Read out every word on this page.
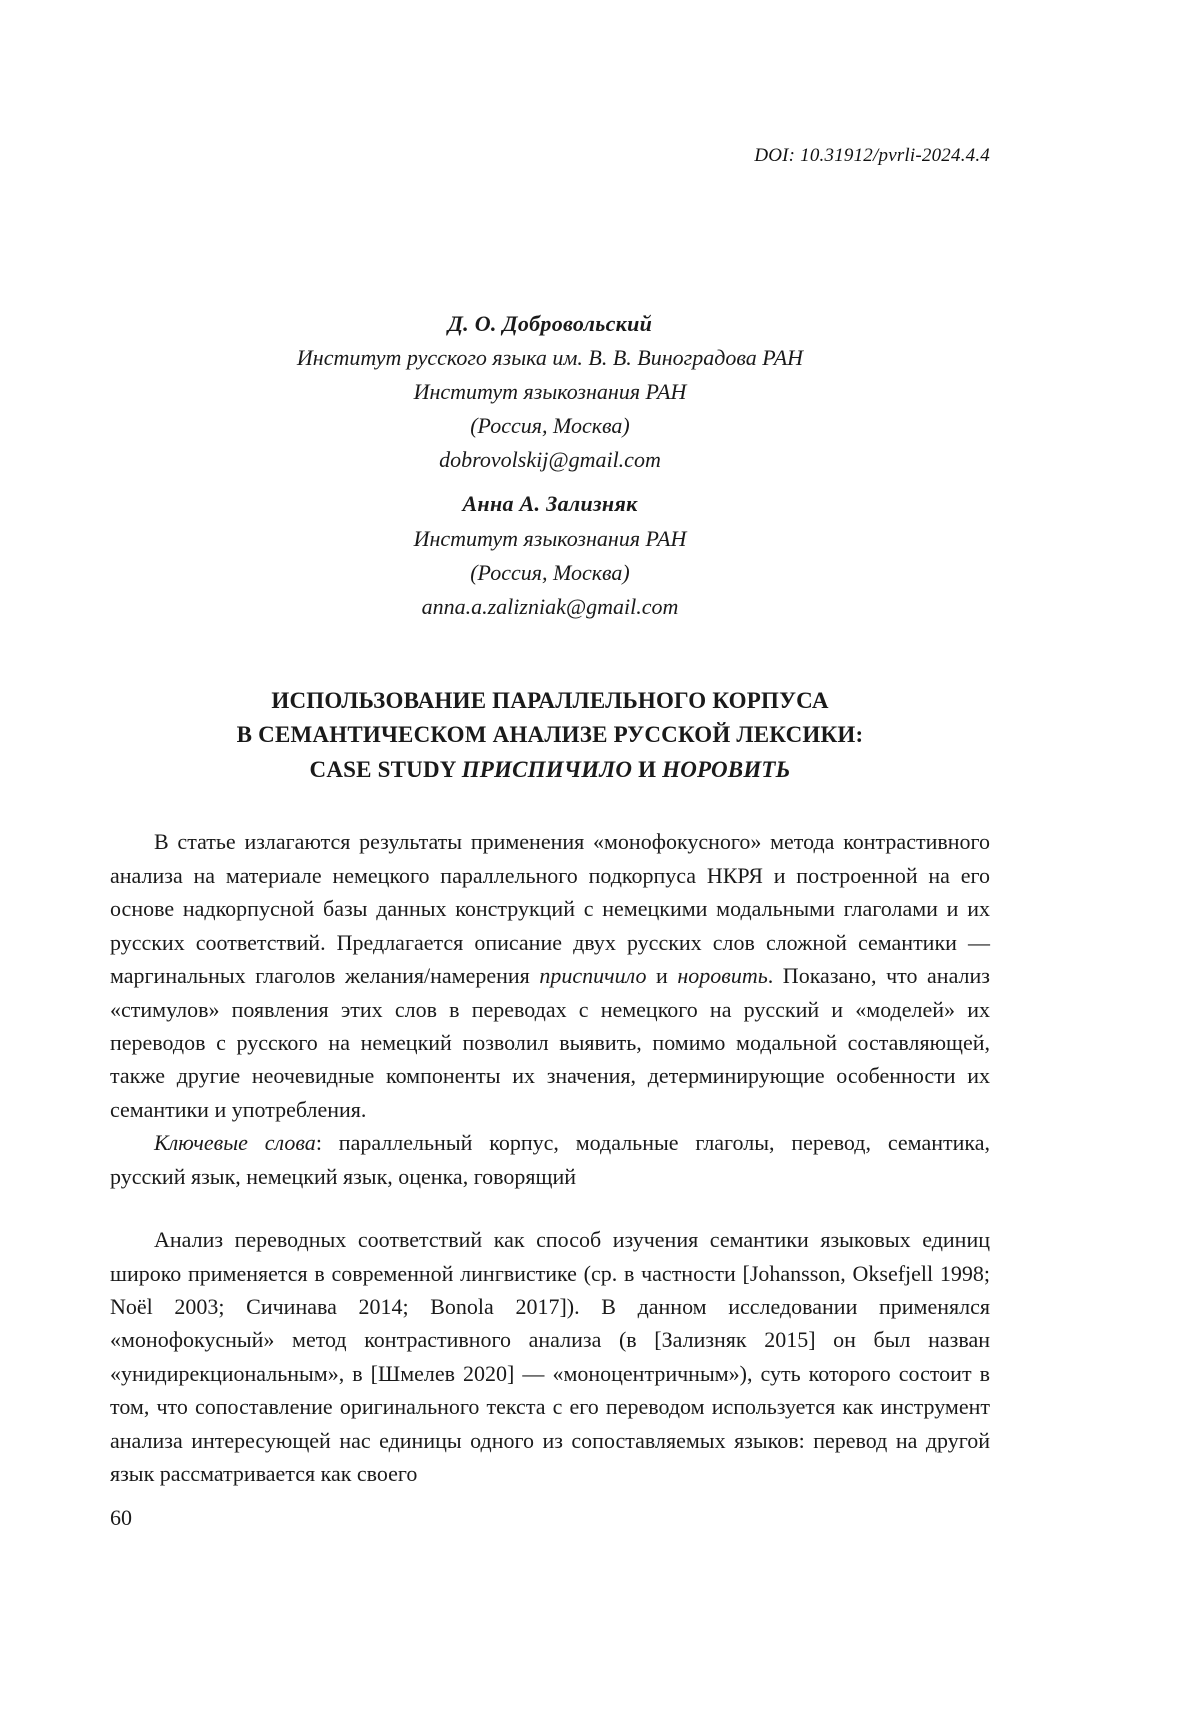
DOI: 10.31912/pvrli-2024.4.4
Д. О. Добровольский
Институт русского языка им. В. В. Виноградова РАН
Институт языкознания РАН
(Россия, Москва)
dobrovolskij@gmail.com
Анна А. Зализняк
Институт языкознания РАН
(Россия, Москва)
anna.a.zalizniak@gmail.com
ИСПОЛЬЗОВАНИЕ ПАРАЛЛЕЛЬНОГО КОРПУСА
В СЕМАНТИЧЕСКОМ АНАЛИЗЕ РУССКОЙ ЛЕКСИКИ:
CASE STUDY ПРИСПИЧИЛО И НОРОВИТЬ

В статье излагаются результаты применения «монофокусного» метода контрастивного анализа на материале немецкого параллельного подкорпуса НКРЯ и построенной на его основе надкорпусной базы данных конструкций с немецкими модальными глаголами и их русских соответствий. Предлагается описание двух русских слов сложной семантики — маргинальных глаголов желания/намерения приспичило и норовить. Показано, что анализ «стимулов» появления этих слов в переводах с немецкого на русский и «моделей» их переводов с русского на немецкий позволил выявить, помимо модальной составляющей, также другие неочевидные компоненты их значения, детерминирующие особенности их семантики и употребления.

Ключевые слова: параллельный корпус, модальные глаголы, перевод, семантика, русский язык, немецкий язык, оценка, говорящий

Анализ переводных соответствий как способ изучения семантики языковых единиц широко применяется в современной лингвистике (ср. в частности [Johansson, Oksefjell 1998; Noël 2003; Сичинава 2014; Bonola 2017]). В данном исследовании применялся «монофокусный» метод контрастивного анализа (в [Зализняк 2015] он был назван «унидирекциональным», в [Шмелев 2020] — «моноцентричным»), суть которого состоит в том, что сопоставление оригинального текста с его переводом используется как инструмент анализа интересующей нас единицы одного из сопоставляемых языков: перевод на другой язык рассматривается как своего

60
